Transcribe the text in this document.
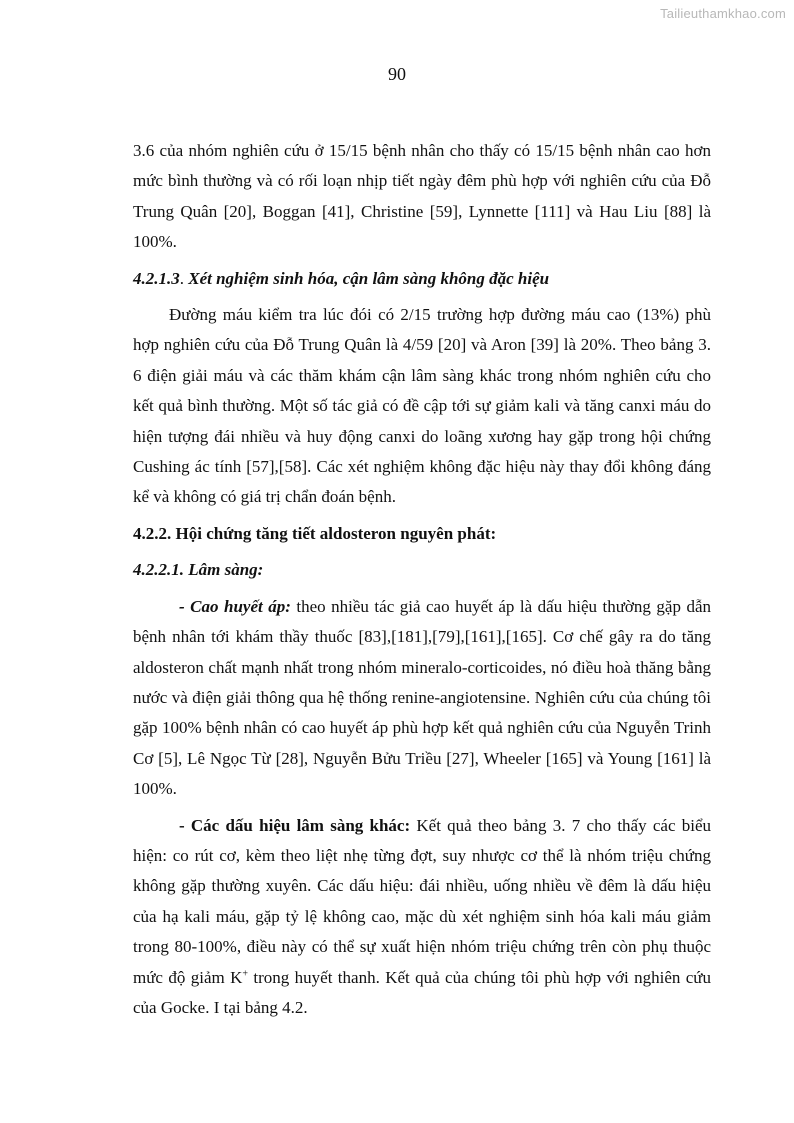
Tailieuthamkhao.com
90

3.6 của nhóm nghiên cứu ở 15/15 bệnh nhân cho thấy có 15/15 bệnh nhân cao hơn mức bình thường và có rối loạn nhịp tiết ngày đêm phù hợp với nghiên cứu của Đỗ Trung Quân [20], Boggan [41], Christine [59], Lynnette [111] và Hau Liu [88] là 100%.

4.2.1.3. Xét nghiệm sinh hóa, cận lâm sàng không đặc hiệu

Đường máu kiểm tra lúc đói có 2/15 trường hợp đường máu cao (13%) phù hợp nghiên cứu của Đỗ Trung Quân là 4/59 [20] và Aron [39] là 20%. Theo bảng 3. 6 điện giải máu và các thăm khám cận lâm sàng khác trong nhóm nghiên cứu cho kết quả bình thường. Một số tác giả có đề cập tới sự giảm kali và tăng canxi máu do hiện tượng đái nhiều và huy động canxi do loãng xương hay gặp trong hội chứng Cushing ác tính [57],[58]. Các xét nghiệm không đặc hiệu này thay đổi không đáng kể và không có giá trị chẩn đoán bệnh.

4.2.2. Hội chứng tăng tiết aldosteron nguyên phát:

4.2.2.1. Lâm sàng:

- Cao huyết áp: theo nhiều tác giả cao huyết áp là dấu hiệu thường gặp dẫn bệnh nhân tới khám thầy thuốc [83],[181],[79],[161],[165]. Cơ chế gây ra do tăng aldosteron chất mạnh nhất trong nhóm mineralo-corticoides, nó điều hoà thăng bằng nước và điện giải thông qua hệ thống renine-angiotensine. Nghiên cứu của chúng tôi gặp 100% bệnh nhân có cao huyết áp phù hợp kết quả nghiên cứu của Nguyễn Trinh Cơ [5], Lê Ngọc Từ [28], Nguyễn Bửu Triều [27], Wheeler [165] và Young [161] là 100%.

- Các dấu hiệu lâm sàng khác: Kết quả theo bảng 3. 7 cho thấy các biểu hiện: co rút cơ, kèm theo liệt nhẹ từng đợt, suy nhược cơ thể là nhóm triệu chứng không gặp thường xuyên. Các dấu hiệu: đái nhiều, uống nhiều về đêm là dấu hiệu của hạ kali máu, gặp tỷ lệ không cao, mặc dù xét nghiệm sinh hóa kali máu giảm trong 80-100%, điều này có thể sự xuất hiện nhóm triệu chứng trên còn phụ thuộc mức độ giảm K+ trong huyết thanh. Kết quả của chúng tôi phù hợp với nghiên cứu của Gocke. I tại bảng 4.2.
